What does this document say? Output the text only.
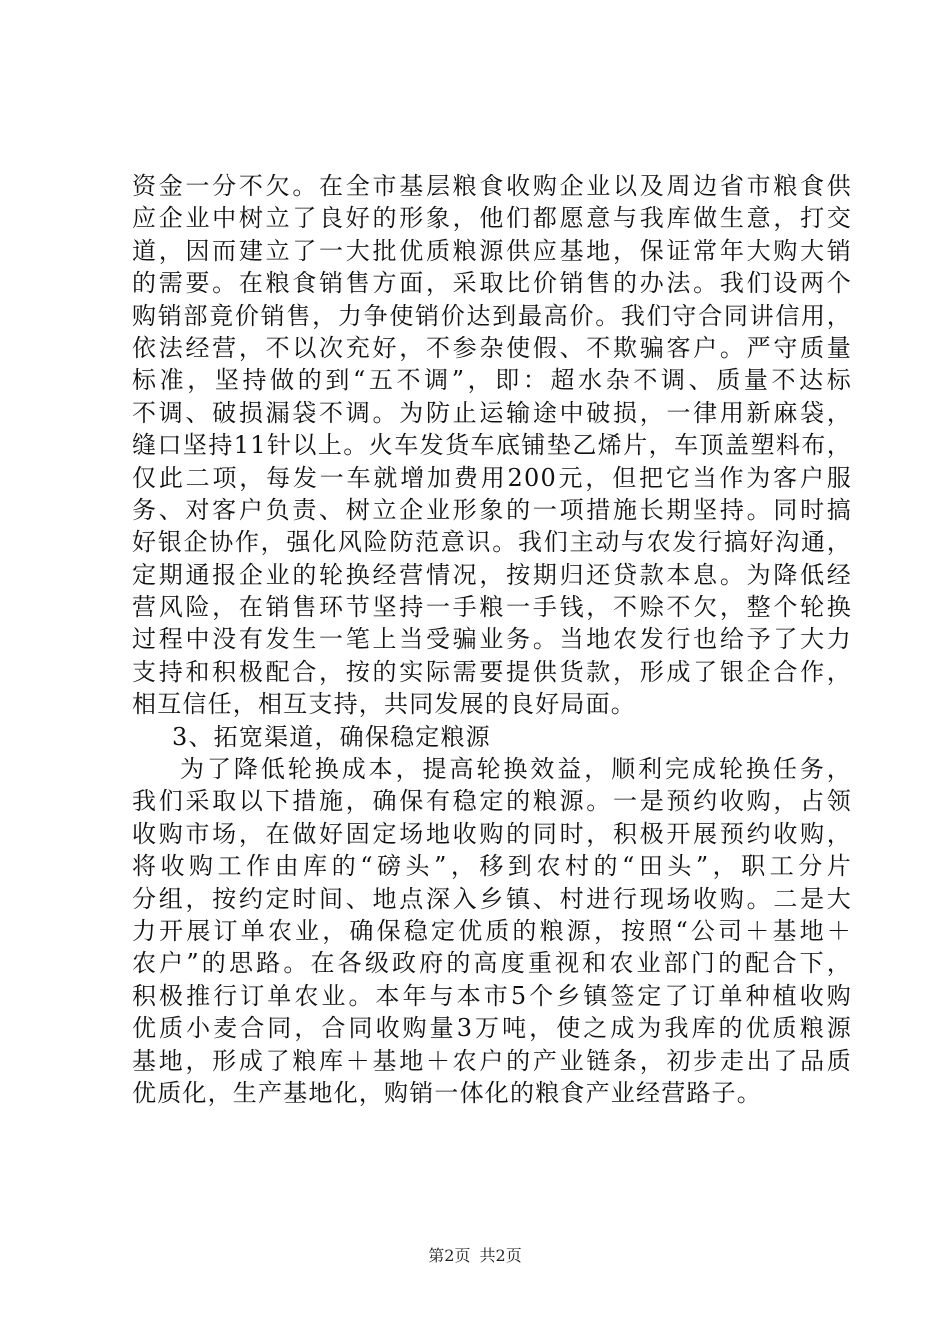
资金一分不欠。在全市基层粮食收购企业以及周边省市粮食供
应企业中树立了良好的形象，他们都愿意与我库做生意，打交
道，因而建立了一大批优质粮源供应基地，保证常年大购大销
的需要。在粮食销售方面，采取比价销售的办法。我们设两个
购销部竟价销售，力争使销价达到最高价。我们守合同讲信用，
依法经营，不以次充好，不参杂使假、不欺骗客户。严守质量
标准，坚持做的到“五不调”，即：超水杂不调、质量不达标
不调、破损漏袋不调。为防止运输途中破损，一律用新麻袋，
缝口坚持11针以上。火车发货车底铺垫乙烯片，车顶盖塑料布，
仅此二项，每发一车就增加费用200元，但把它当作为客户服
务、对客户负责、树立企业形象的一项措施长期坚持。同时搞
好银企协作，强化风险防范意识。我们主动与农发行搞好沟通，
定期通报企业的轮换经营情况，按期归还贷款本息。为降低经
营风险，在销售环节坚持一手粮一手钱，不赊不欠，整个轮换
过程中没有发生一笔上当受骗业务。当地农发行也给予了大力
支持和积极配合，按的实际需要提供货款，形成了银企合作，
相互信任，相互支持，共同发展的良好局面。
3、拓宽渠道，确保稳定粮源
为了降低轮换成本，提高轮换效益，顺利完成轮换任务，
我们采取以下措施，确保有稳定的粮源。一是预约收购，占领
收购市场，在做好固定场地收购的同时，积极开展预约收购，
将收购工作由库的“磅头”，移到农村的“田头”，职工分片
分组，按约定时间、地点深入乡镇、村进行现场收购。二是大
力开展订单农业，确保稳定优质的粮源，按照“公司＋基地＋
农户”的思路。在各级政府的高度重视和农业部门的配合下，
积极推行订单农业。本年与本市5个乡镇签定了订单种植收购
优质小麦合同，合同收购量3万吨，使之成为我库的优质粮源
基地，形成了粮库＋基地＋农户的产业链条，初步走出了品质
优质化，生产基地化，购销一体化的粮食产业经营路子。
第2页 共2页
